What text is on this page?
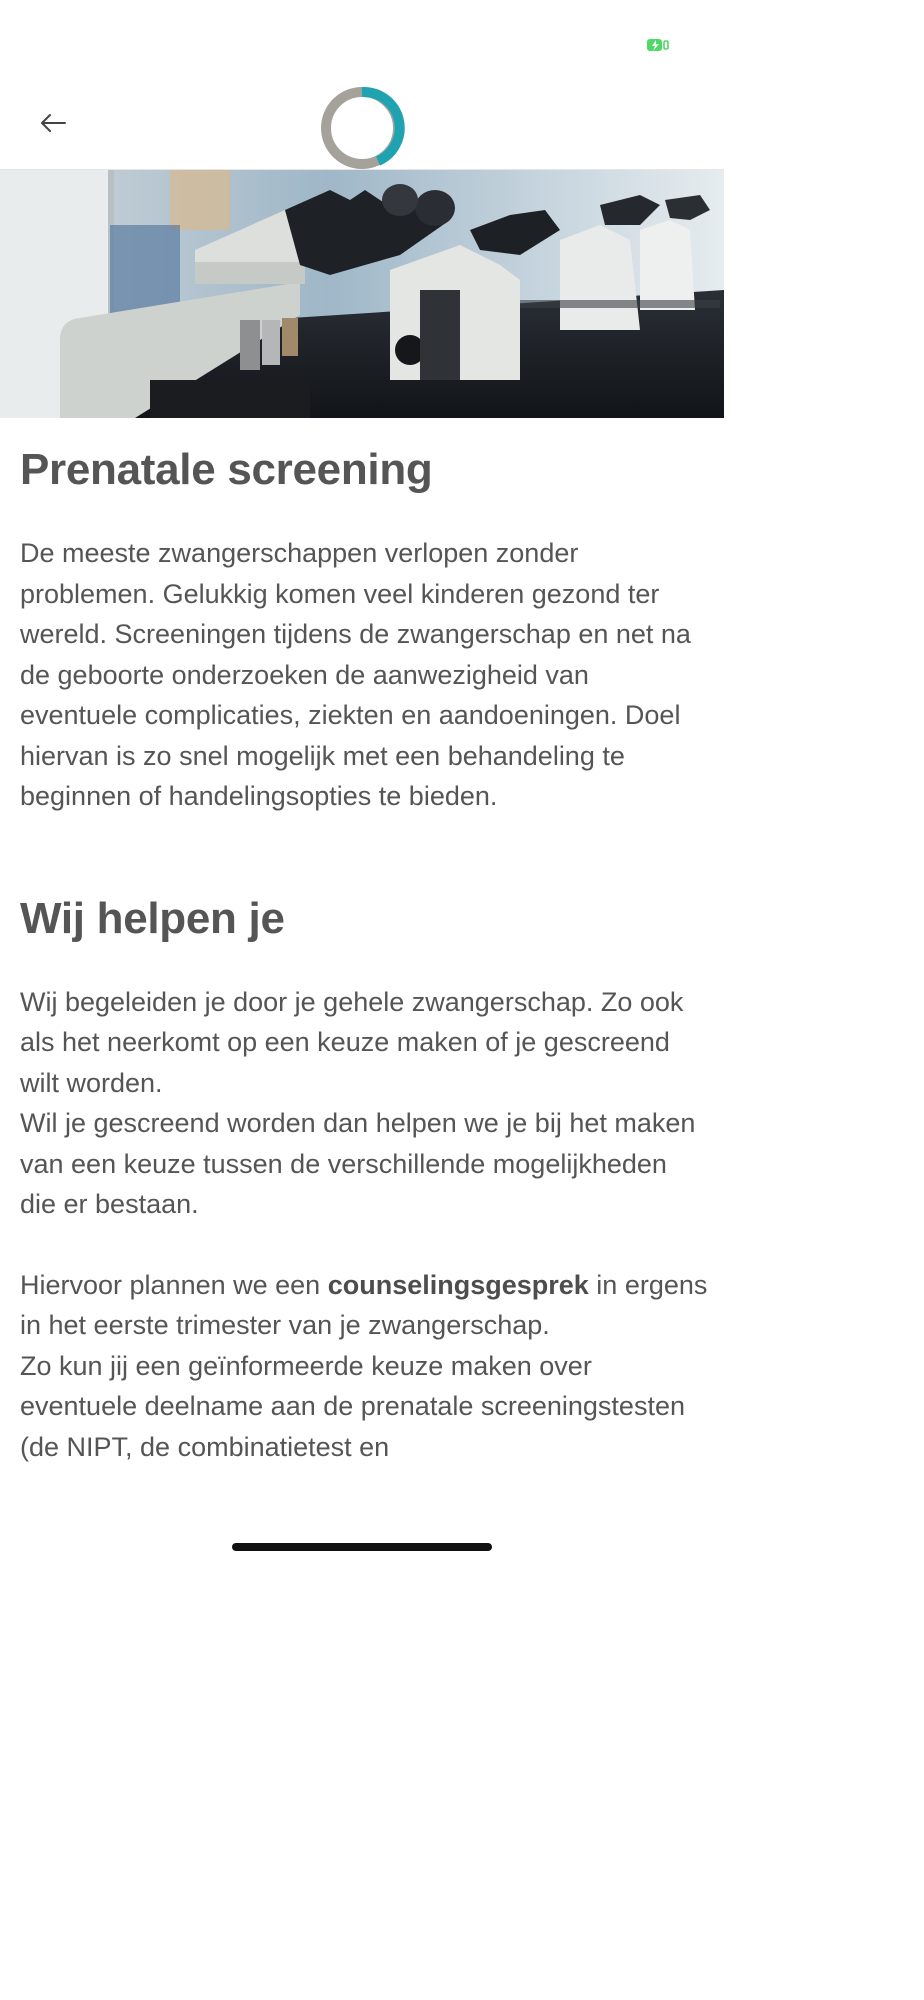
Prenatale screening

De meeste zwangerschappen verlopen zonder problemen. Gelukkig komen veel kinderen gezond ter wereld. Screeningen tijdens de zwangerschap en net na de geboorte onderzoeken de aanwezigheid van eventuele complicaties, ziekten en aandoeningen. Doel hiervan is zo snel mogelijk met een behandeling te beginnen of handelingsopties te bieden.

Wij helpen je

Wij begeleiden je door je gehele zwangerschap. Zo ook als het neerkomt op een keuze maken of je gescreend wilt worden.
Wil je gescreend worden dan helpen we je bij het maken van een keuze tussen de verschillende mogelijkheden die er bestaan.

Hiervoor plannen we een counselingsgesprek in ergens in het eerste trimester van je zwangerschap.
Zo kun jij een geïnformeerde keuze maken over eventuele deelname aan de prenatale screeningstesten (de NIPT, de combinatietest en
